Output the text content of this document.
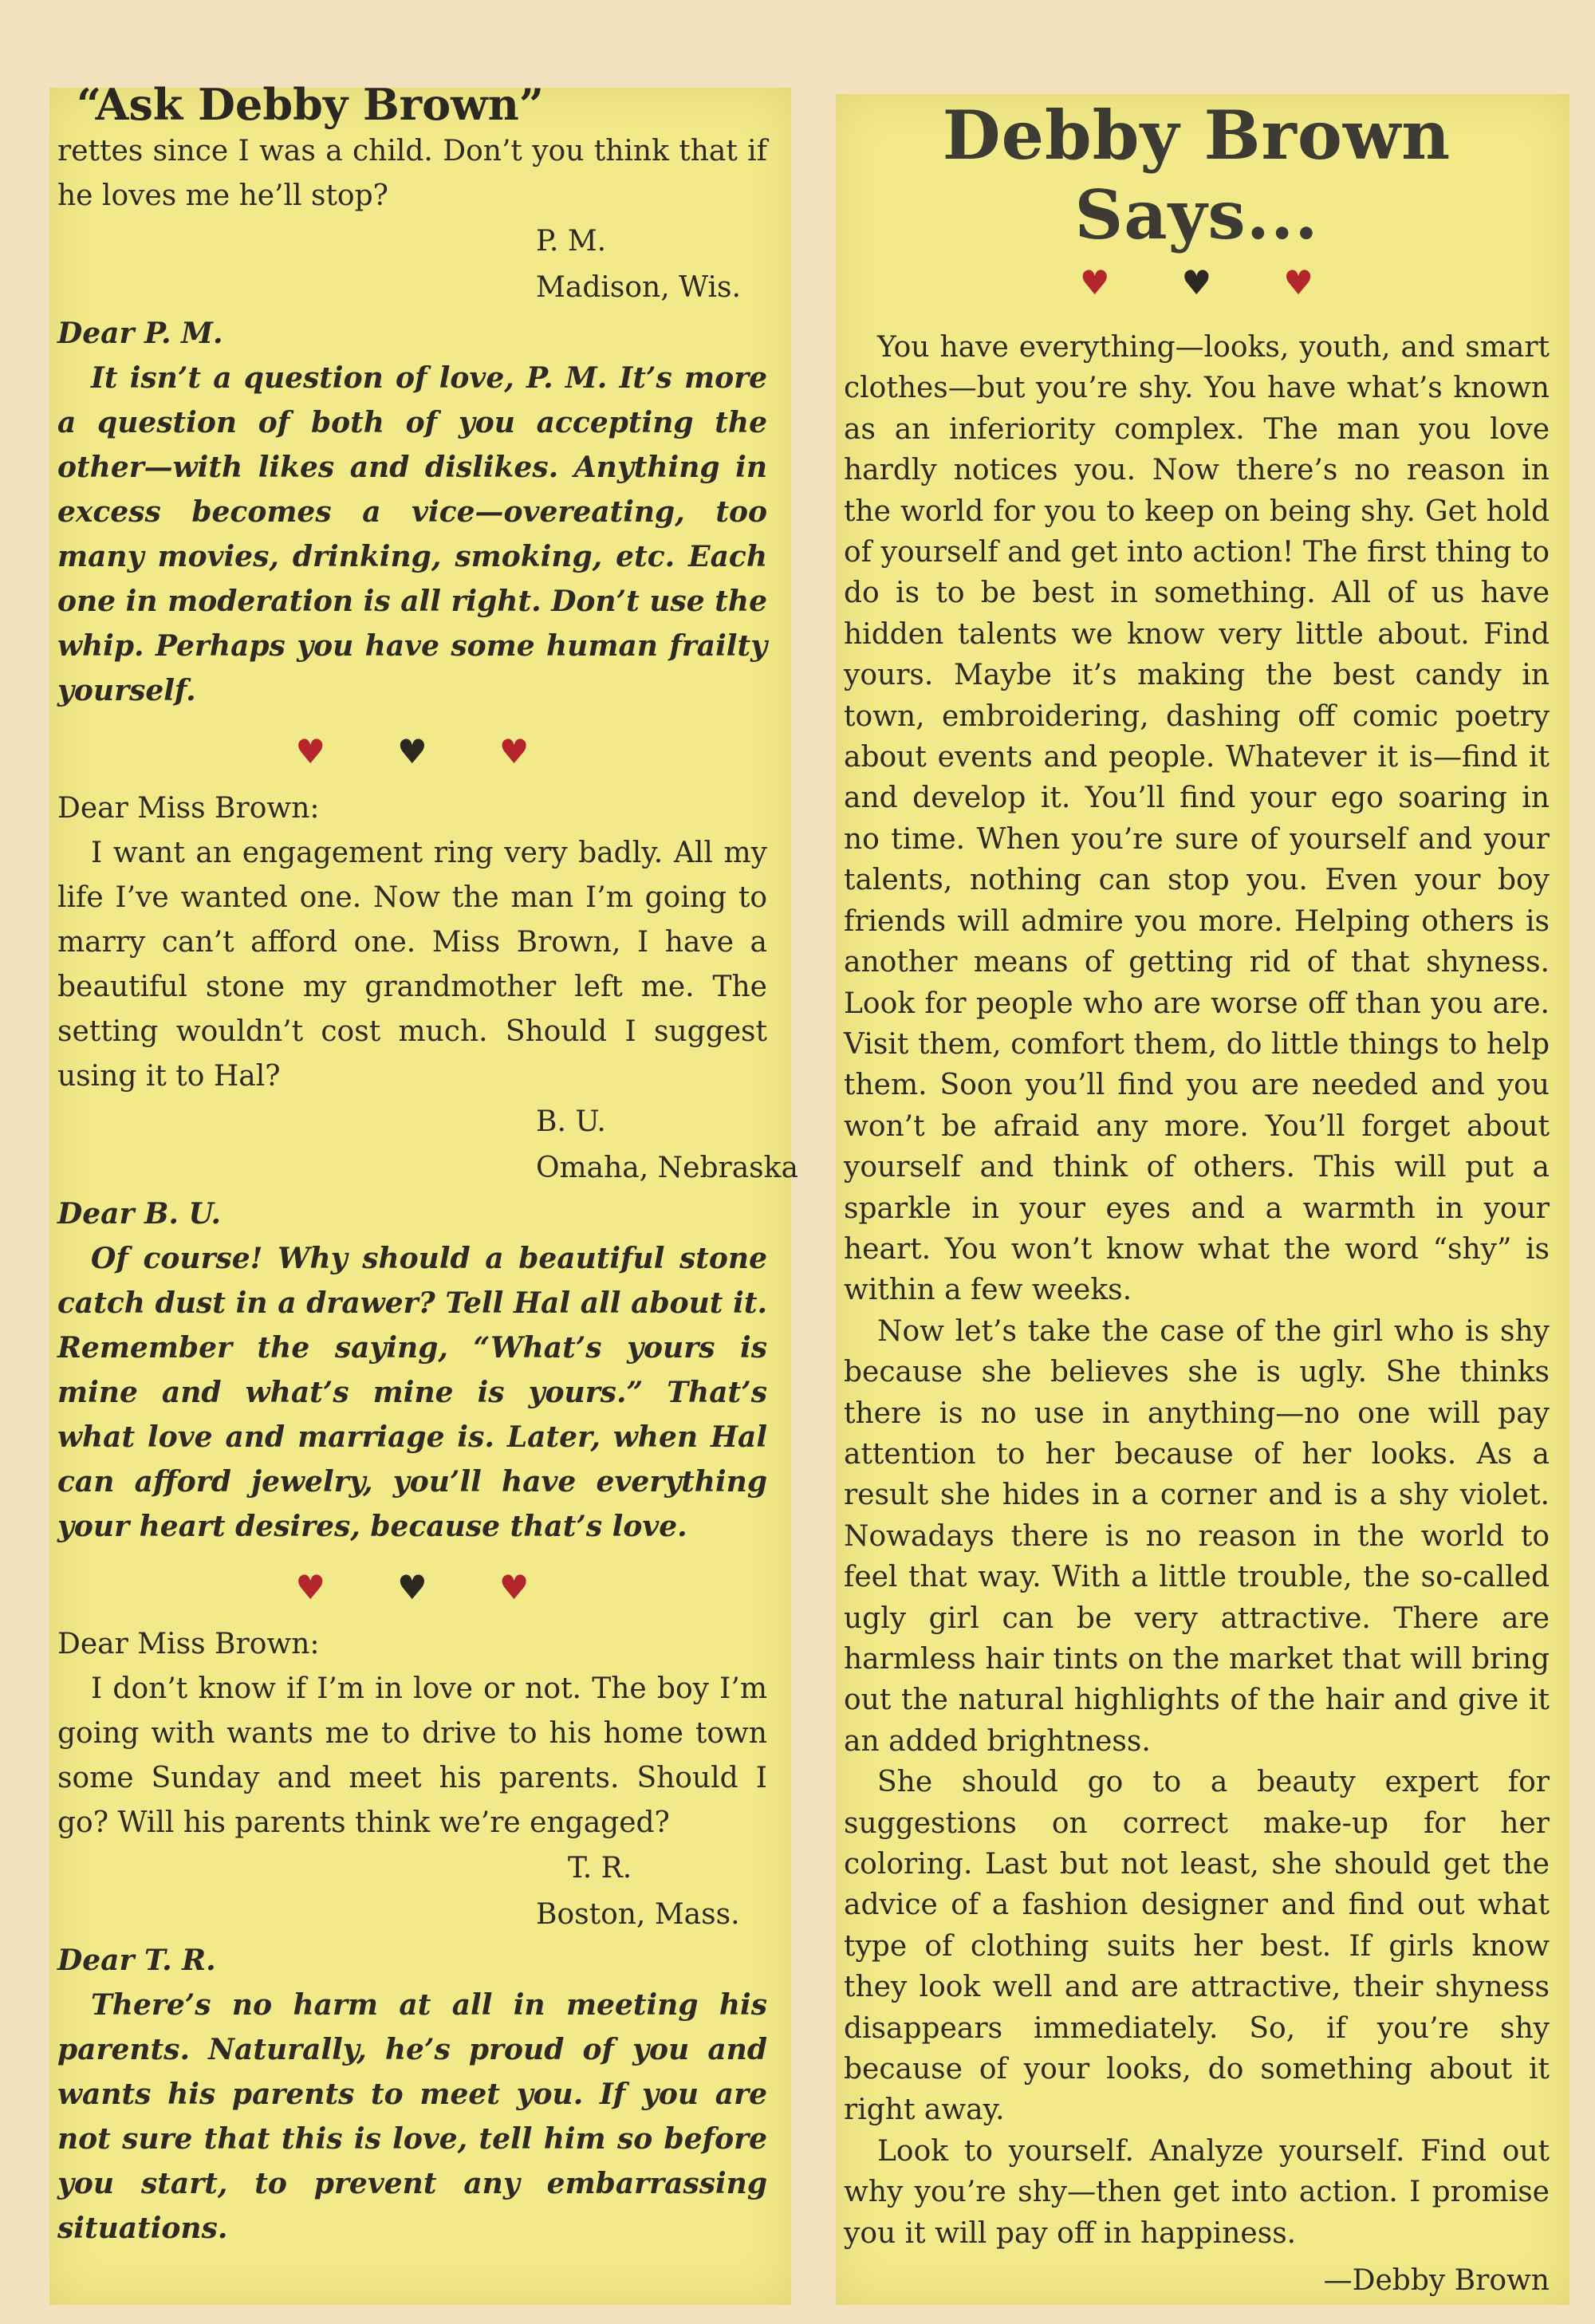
“Ask Debby Brown”

rettes since I was a child. Don’t you think that if he loves me he’ll stop?

P. M.
Madison, Wis.
Dear P. M.

It isn’t a question of love, P. M. It’s more a question of both of you accepting the other—with likes and dislikes. Anything in excess becomes a vice—overeating, too many movies, drinking, smoking, etc. Each one in moderation is all right. Don’t use the whip. Perhaps you have some human frailty yourself.

♥ ♥ ♥
Dear Miss Brown:

I want an engagement ring very badly. All my life I’ve wanted one. Now the man I’m going to marry can’t afford one. Miss Brown, I have a beautiful stone my grandmother left me. The setting wouldn’t cost much. Should I suggest using it to Hal?

B. U.
Omaha, Nebraska
Dear B. U.

Of course! Why should a beautiful stone catch dust in a drawer? Tell Hal all about it. Remember the saying, “What’s yours is mine and what’s mine is yours.” That’s what love and marriage is. Later, when Hal can afford jewelry, you’ll have everything your heart desires, because that’s love.

♥ ♥ ♥
Dear Miss Brown:

I don’t know if I’m in love or not. The boy I’m going with wants me to drive to his home town some Sunday and meet his parents. Should I go? Will his parents think we’re engaged?

T. R.
Boston, Mass.
Dear T. R.

There’s no harm at all in meeting his parents. Naturally, he’s proud of you and wants his parents to meet you. If you are not sure that this is love, tell him so before you start, to prevent any embarrassing situations.

Debby Brown Says...
♥ ♥ ♥

You have everything—looks, youth, and smart clothes—but you’re shy. You have what’s known as an inferiority complex. The man you love hardly notices you. Now there’s no reason in the world for you to keep on being shy. Get hold of yourself and get into action! The first thing to do is to be best in something. All of us have hidden talents we know very little about. Find yours. Maybe it’s making the best candy in town, embroidering, dashing off comic poetry about events and people. Whatever it is—find it and develop it. You’ll find your ego soaring in no time. When you’re sure of yourself and your talents, nothing can stop you. Even your boy friends will admire you more. Helping others is another means of getting rid of that shyness. Look for people who are worse off than you are. Visit them, comfort them, do little things to help them. Soon you’ll find you are needed and you won’t be afraid any more. You’ll forget about yourself and think of others. This will put a sparkle in your eyes and a warmth in your heart. You won’t know what the word “shy” is within a few weeks.

Now let’s take the case of the girl who is shy because she believes she is ugly. She thinks there is no use in anything—no one will pay attention to her because of her looks. As a result she hides in a corner and is a shy violet. Nowadays there is no reason in the world to feel that way. With a little trouble, the so-called ugly girl can be very attractive. There are harmless hair tints on the market that will bring out the natural highlights of the hair and give it an added brightness.

She should go to a beauty expert for suggestions on correct make-up for her coloring. Last but not least, she should get the advice of a fashion designer and find out what type of clothing suits her best. If girls know they look well and are attractive, their shyness disappears immediately. So, if you’re shy because of your looks, do something about it right away.

Look to yourself. Analyze yourself. Find out why you’re shy—then get into action. I promise you it will pay off in happiness.

—Debby Brown
